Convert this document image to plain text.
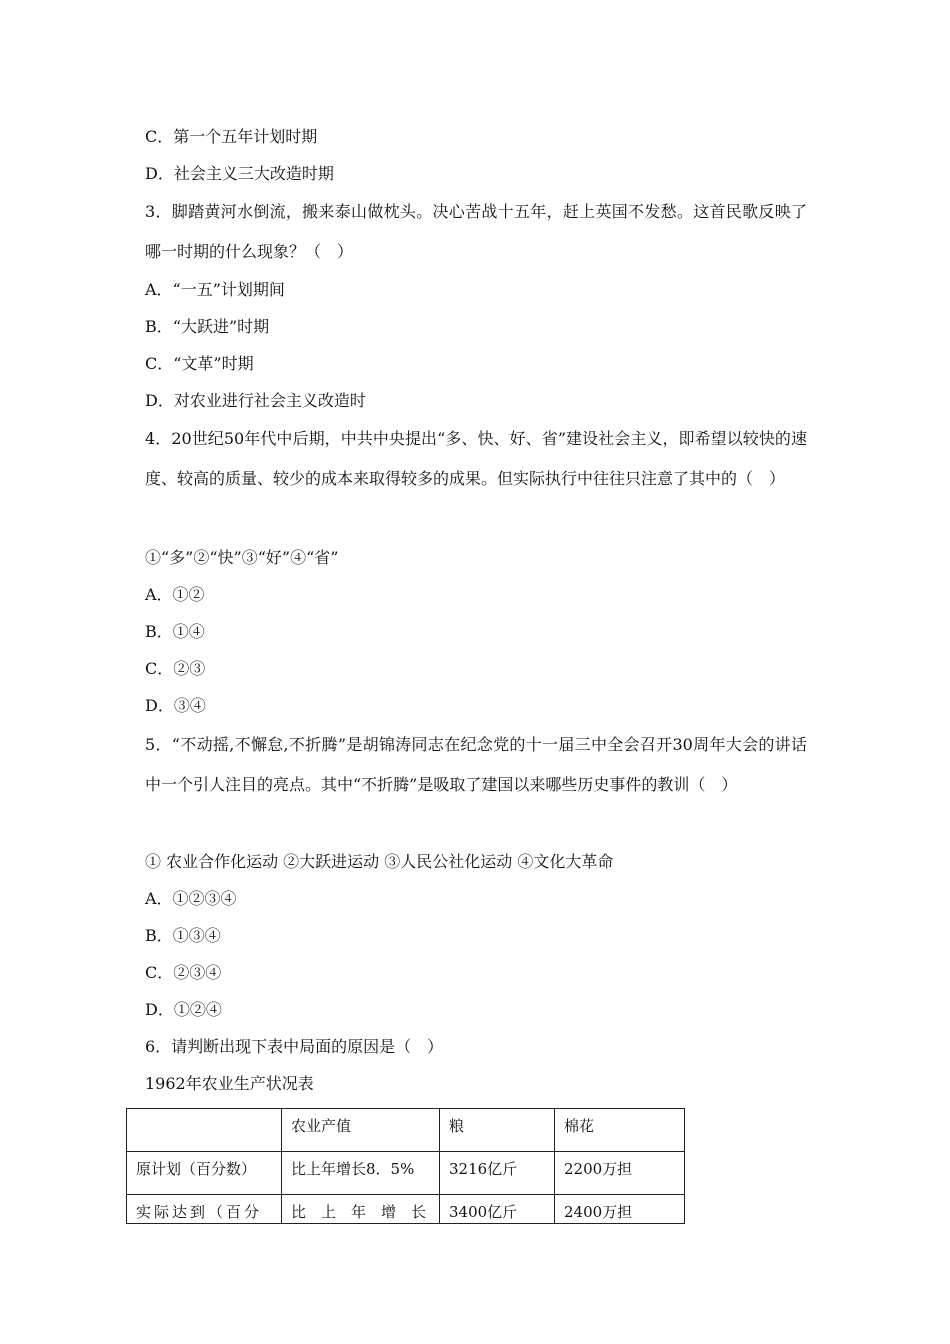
C．第一个五年计划时期

D．社会主义三大改造时期

3．脚踏黄河水倒流，搬来泰山做枕头。决心苦战十五年，赶上英国不发愁。这首民歌反映了哪一时期的什么现象？（　）

A．“一五”计划期间

B．“大跃进”时期

C．“文革”时期

D．对农业进行社会主义改造时

4．20世纪50年代中后期，中共中央提出“多、快、好、省”建设社会主义，即希望以较快的速度、较高的质量、较少的成本来取得较多的成果。但实际执行中往往只注意了其中的（　）

①“多”②“快”③“好”④“省”

A．①②

B．①④

C．②③

D．③④

5．“不动摇,不懈怠,不折腾”是胡锦涛同志在纪念党的十一届三中全会召开30周年大会的讲话中一个引人注目的亮点。其中“不折腾”是吸取了建国以来哪些历史事件的教训（　）

① 农业合作化运动 ②大跃进运动 ③人民公社化运动 ④文化大革命

A．①②③④

B．①③④

C．②③④

D．①②④

6．请判断出现下表中局面的原因是（　）

1962年农业生产状况表

	农业产值	粮	棉花
原计划（百分数）	比上年增长8．5%	3216亿斤	2200万担
实际达到（百分	比　上　年　增　长	3400亿斤	2400万担
